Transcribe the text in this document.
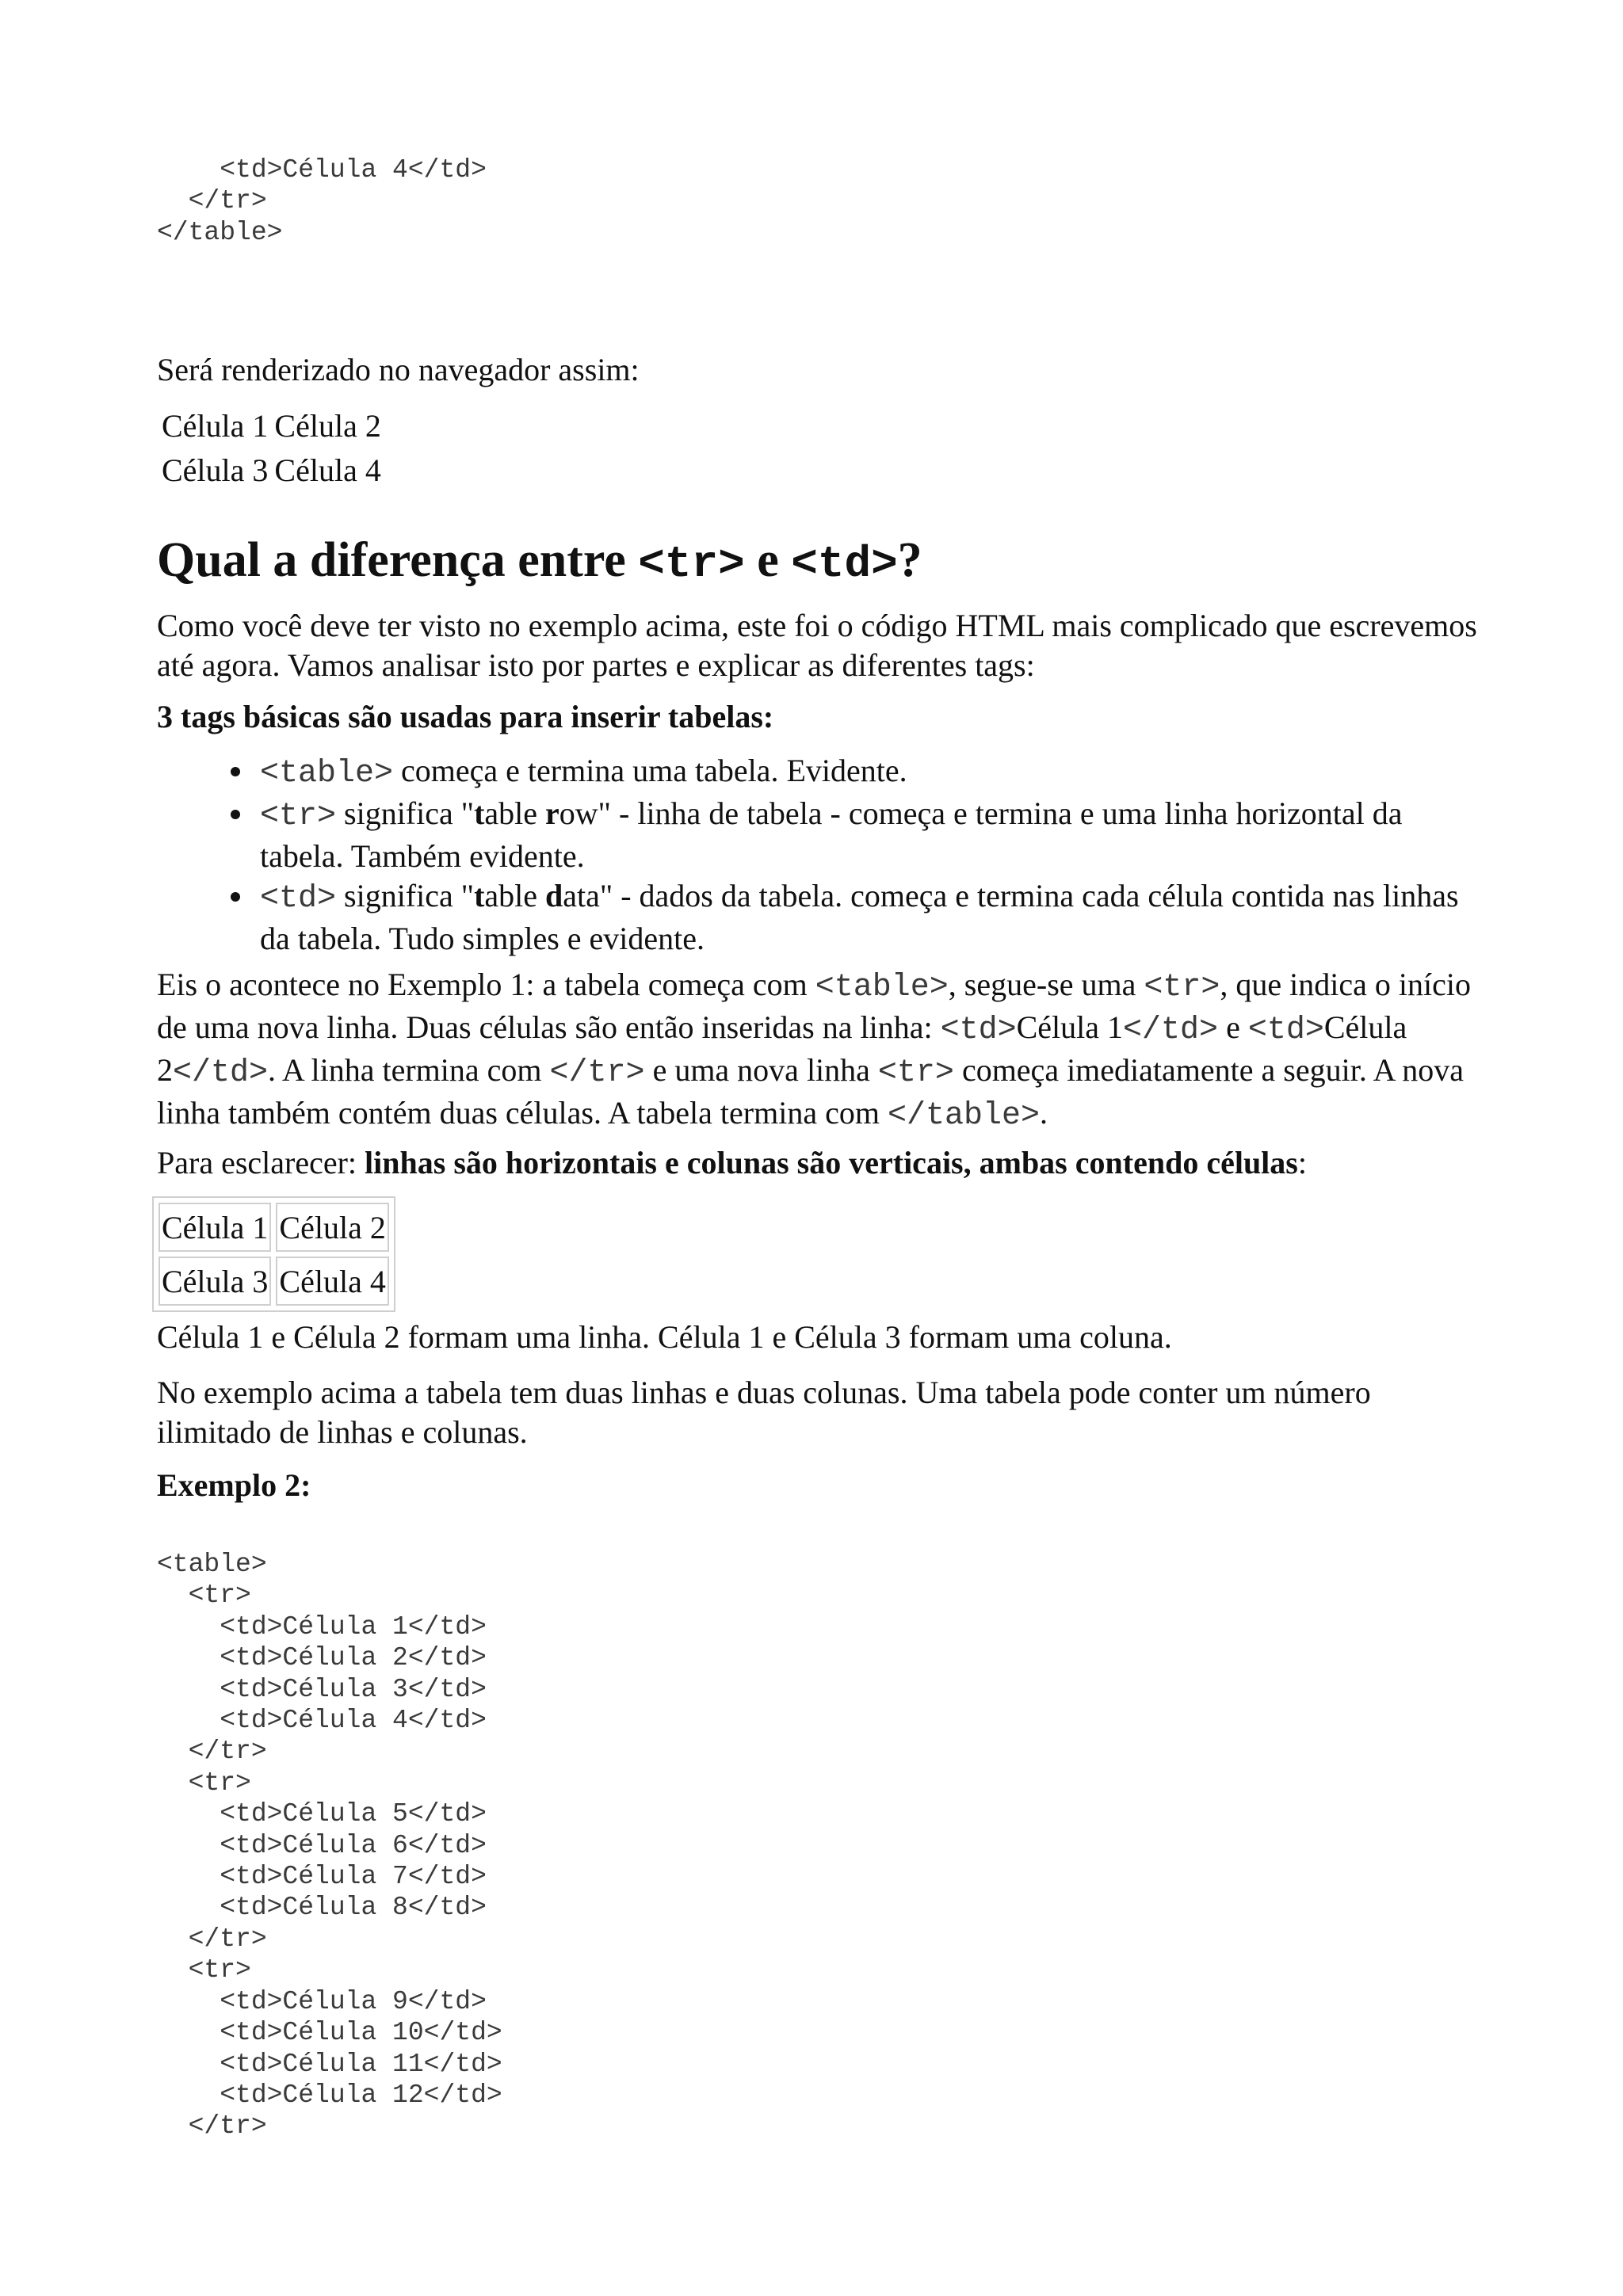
<td>Célula 4</td>
</tr>
</table>

Será renderizado no navegador assim:

Célula 1	Célula 2
Célula 3	Célula 4
Qual a diferença entre <tr> e <td>?

Como você deve ter visto no exemplo acima, este foi o código HTML mais complicado que escrevemos até agora. Vamos analisar isto por partes e explicar as diferentes tags:

3 tags básicas são usadas para inserir tabelas:

• <table> começa e termina uma tabela. Evidente.
• <tr> significa "table row" - linha de tabela - começa e termina e uma linha horizontal da tabela. Também evidente.
• <td> significa "table data" - dados da tabela. começa e termina cada célula contida nas linhas da tabela. Tudo simples e evidente.

Eis o acontece no Exemplo 1: a tabela começa com <table>, segue-se uma <tr>, que indica o início de uma nova linha. Duas células são então inseridas na linha: <td>Célula 1</td> e <td>Célula 2</td>. A linha termina com </tr> e uma nova linha <tr> começa imediatamente a seguir. A nova linha também contém duas células. A tabela termina com </table>.

Para esclarecer: linhas são horizontais e colunas são verticais, ambas contendo células:

Célula 1	Célula 2
Célula 3	Célula 4

Célula 1 e Célula 2 formam uma linha. Célula 1 e Célula 3 formam uma coluna.

No exemplo acima a tabela tem duas linhas e duas colunas. Uma tabela pode conter um número ilimitado de linhas e colunas.

Exemplo 2:

<table>
<tr>
<td>Célula 1</td>
<td>Célula 2</td>
<td>Célula 3</td>
<td>Célula 4</td>
</tr>
<tr>
<td>Célula 5</td>
<td>Célula 6</td>
<td>Célula 7</td>
<td>Célula 8</td>
</tr>
<tr>
<td>Célula 9</td>
<td>Célula 10</td>
<td>Célula 11</td>
<td>Célula 12</td>
</tr>
